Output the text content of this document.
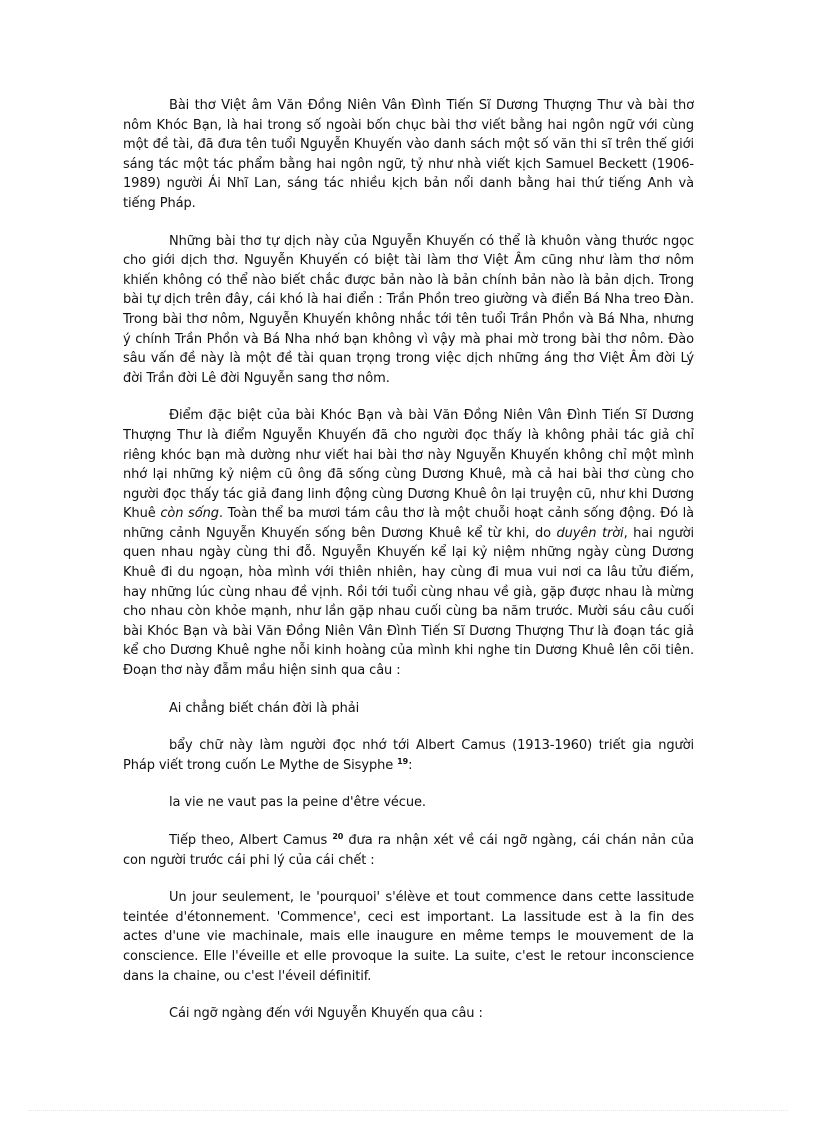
Bài thơ Việt âm Văn Đồng Niên Vân Đình Tiến Sĩ Dương Thượng Thư và bài thơ nôm Khóc Bạn, là hai trong số ngoài bốn chục bài thơ viết bằng hai ngôn ngữ với cùng một đề tài, đã đưa tên tuổi Nguyễn Khuyến vào danh sách một số văn thi sĩ trên thế giới sáng tác một tác phẩm bằng hai ngôn ngữ, tỷ như nhà viết kịch Samuel Beckett (1906-1989) người Ái Nhĩ Lan, sáng tác nhiều kịch bản nổi danh bằng hai thứ tiếng Anh và tiếng Pháp.

Những bài thơ tự dịch này của Nguyễn Khuyến có thể là khuôn vàng thước ngọc cho giới dịch thơ. Nguyễn Khuyến có biệt tài làm thơ Việt Âm cũng như làm thơ nôm khiến không có thể nào biết chắc được bản nào là bản chính bản nào là bản dịch. Trong bài tự dịch trên đây, cái khó là hai điển : Trần Phồn treo giường và điển Bá Nha treo Đàn. Trong bài thơ nôm, Nguyễn Khuyến không nhắc tới tên tuổi Trần Phồn và Bá Nha, nhưng ý chính Trần Phồn và Bá Nha nhớ bạn không vì vậy mà phai mờ trong bài thơ nôm. Đào sâu vấn đề này là một đề tài quan trọng trong việc dịch những áng thơ Việt Âm đời Lý đời Trần đời Lê đời Nguyễn sang thơ nôm.

Điểm đặc biệt của bài Khóc Bạn và bài Văn Đồng Niên Vân Đình Tiến Sĩ Dương Thượng Thư là điểm Nguyễn Khuyến đã cho người đọc thấy là không phải tác giả chỉ riêng khóc bạn mà dường như viết hai bài thơ này Nguyễn Khuyến không chỉ một mình nhớ lại những kỷ niệm cũ ông đã sống cùng Dương Khuê, mà cả hai bài thơ cùng cho người đọc thấy tác giả đang linh động cùng Dương Khuê ôn lại truyện cũ, như khi Dương Khuê còn sống. Toàn thể ba mươi tám câu thơ là một chuỗi hoạt cảnh sống động. Đó là những cảnh Nguyễn Khuyến sống bên Dương Khuê kể từ khi, do duyên trời, hai người quen nhau ngày cùng thi đỗ. Nguyễn Khuyến kể lại kỷ niệm những ngày cùng Dương Khuê đi du ngoạn, hòa mình với thiên nhiên, hay cùng đi mua vui nơi ca lâu tửu điếm, hay những lúc cùng nhau đề vịnh. Rồi tới tuổi cùng nhau về già, gặp được nhau là mừng cho nhau còn khỏe mạnh, như lần gặp nhau cuối cùng ba năm trước. Mười sáu câu cuối bài Khóc Bạn và bài Văn Đồng Niên Vân Đình Tiến Sĩ Dương Thượng Thư là đoạn tác giả kể cho Dương Khuê nghe nỗi kinh hoàng của mình khi nghe tin Dương Khuê lên cõi tiên. Đoạn thơ này đẫm mầu hiện sinh qua câu :

Ai chẳng biết chán đời là phải

bẩy chữ này làm người đọc nhớ tới Albert Camus (1913-1960) triết gia người Pháp viết trong cuốn Le Mythe de Sisyphe $^{19}$:

la vie ne vaut pas la peine d'être vécue.

Tiếp theo, Albert Camus $^{20}$ đưa ra nhận xét về cái ngỡ ngàng, cái chán nản của con người trước cái phi lý của cái chết :

Un jour seulement, le 'pourquoi' s'élève et tout commence dans cette lassitude teintée d'étonnement. 'Commence', ceci est important. La lassitude est à la fin des actes d'une vie machinale, mais elle inaugure en même temps le mouvement de la conscience. Elle l'éveille et elle provoque la suite. La suite, c'est le retour inconscience dans la chaine, ou c'est l'éveil définitif.

Cái ngỡ ngàng đến với Nguyễn Khuyến qua câu :
